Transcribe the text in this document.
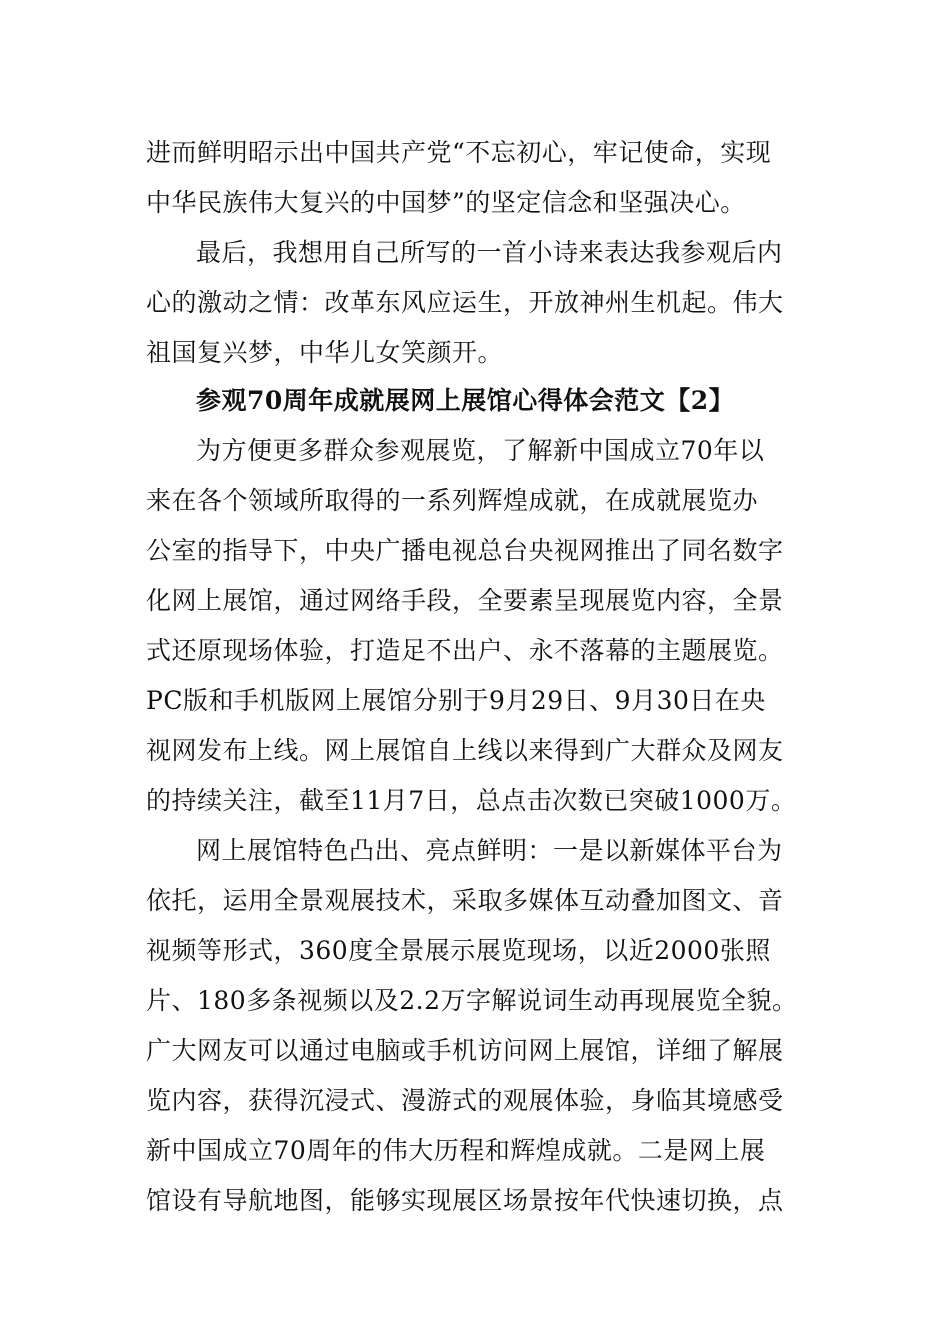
进而鲜明昭示出中国共产党“不忘初心，牢记使命，实现
中华民族伟大复兴的中国梦”的坚定信念和坚强决心。
最后，我想用自己所写的一首小诗来表达我参观后内
心的激动之情：改革东风应运生，开放神州生机起。伟大
祖国复兴梦，中华儿女笑颜开。
参观70周年成就展网上展馆心得体会范文【2】
为方便更多群众参观展览，了解新中国成立70年以
来在各个领域所取得的一系列辉煌成就，在成就展览办
公室的指导下，中央广播电视总台央视网推出了同名数字
化网上展馆，通过网络手段，全要素呈现展览内容，全景
式还原现场体验，打造足不出户、永不落幕的主题展览。
PC版和手机版网上展馆分别于9月29日、9月30日在央
视网发布上线。网上展馆自上线以来得到广大群众及网友
的持续关注，截至11月7日，总点击次数已突破1000万。
网上展馆特色凸出、亮点鲜明：一是以新媒体平台为
依托，运用全景观展技术，采取多媒体互动叠加图文、音
视频等形式，360度全景展示展览现场，以近2000张照
片、180多条视频以及2.2万字解说词生动再现展览全貌。
广大网友可以通过电脑或手机访问网上展馆，详细了解展
览内容，获得沉浸式、漫游式的观展体验，身临其境感受
新中国成立70周年的伟大历程和辉煌成就。二是网上展
馆设有导航地图，能够实现展区场景按年代快速切换，点
